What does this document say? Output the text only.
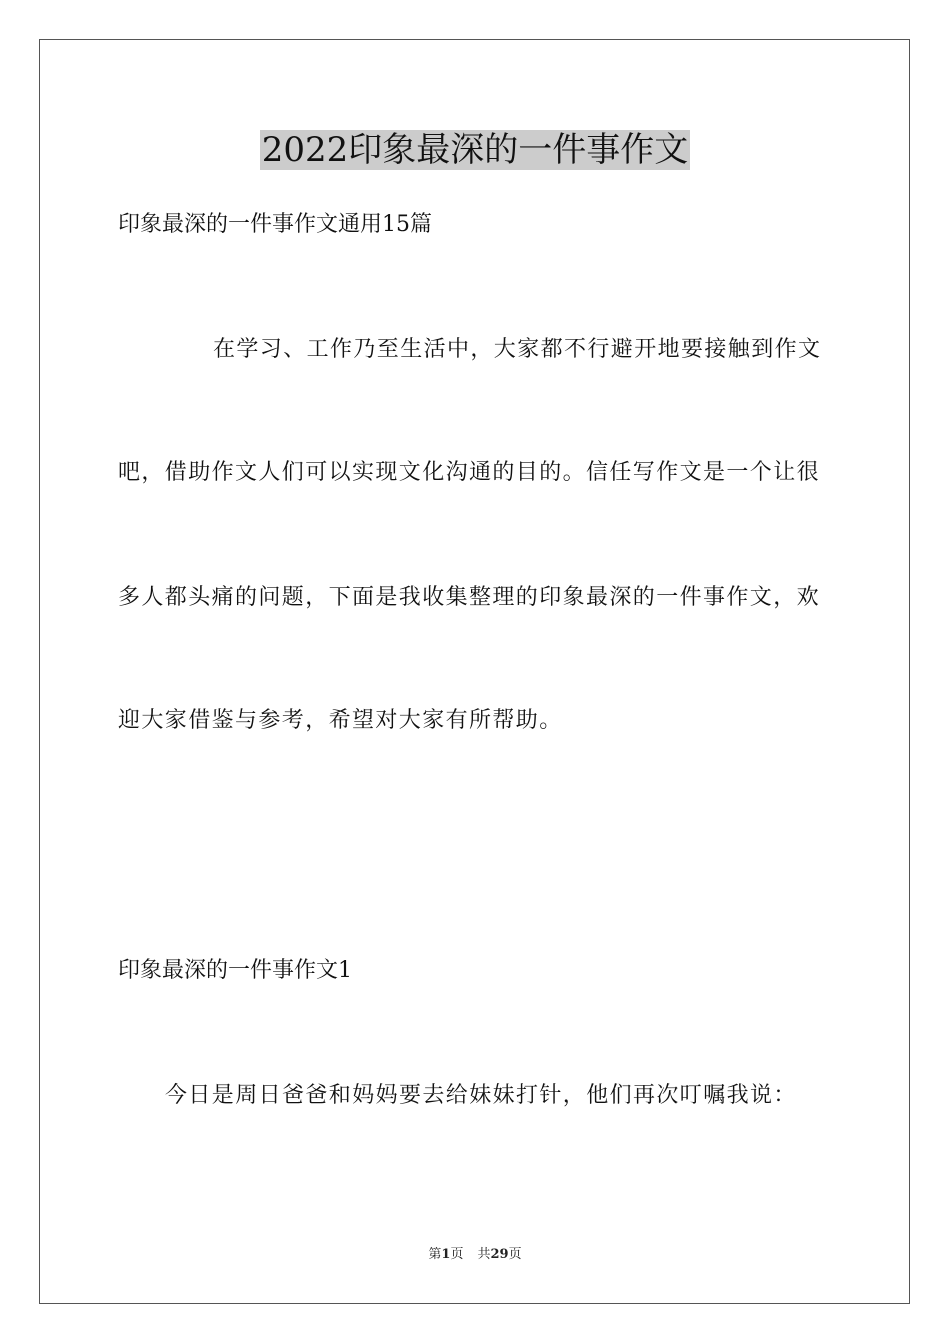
2022印象最深的一件事作文
印象最深的一件事作文通用15篇
在学习、工作乃至生活中，大家都不行避开地要接触到作文
吧，借助作文人们可以实现文化沟通的目的。信任写作文是一个让很
多人都头痛的问题，下面是我收集整理的印象最深的一件事作文，欢
迎大家借鉴与参考，希望对大家有所帮助。
印象最深的一件事作文1
今日是周日爸爸和妈妈要去给妹妹打针，他们再次叮嘱我说：
第1页 共29页
